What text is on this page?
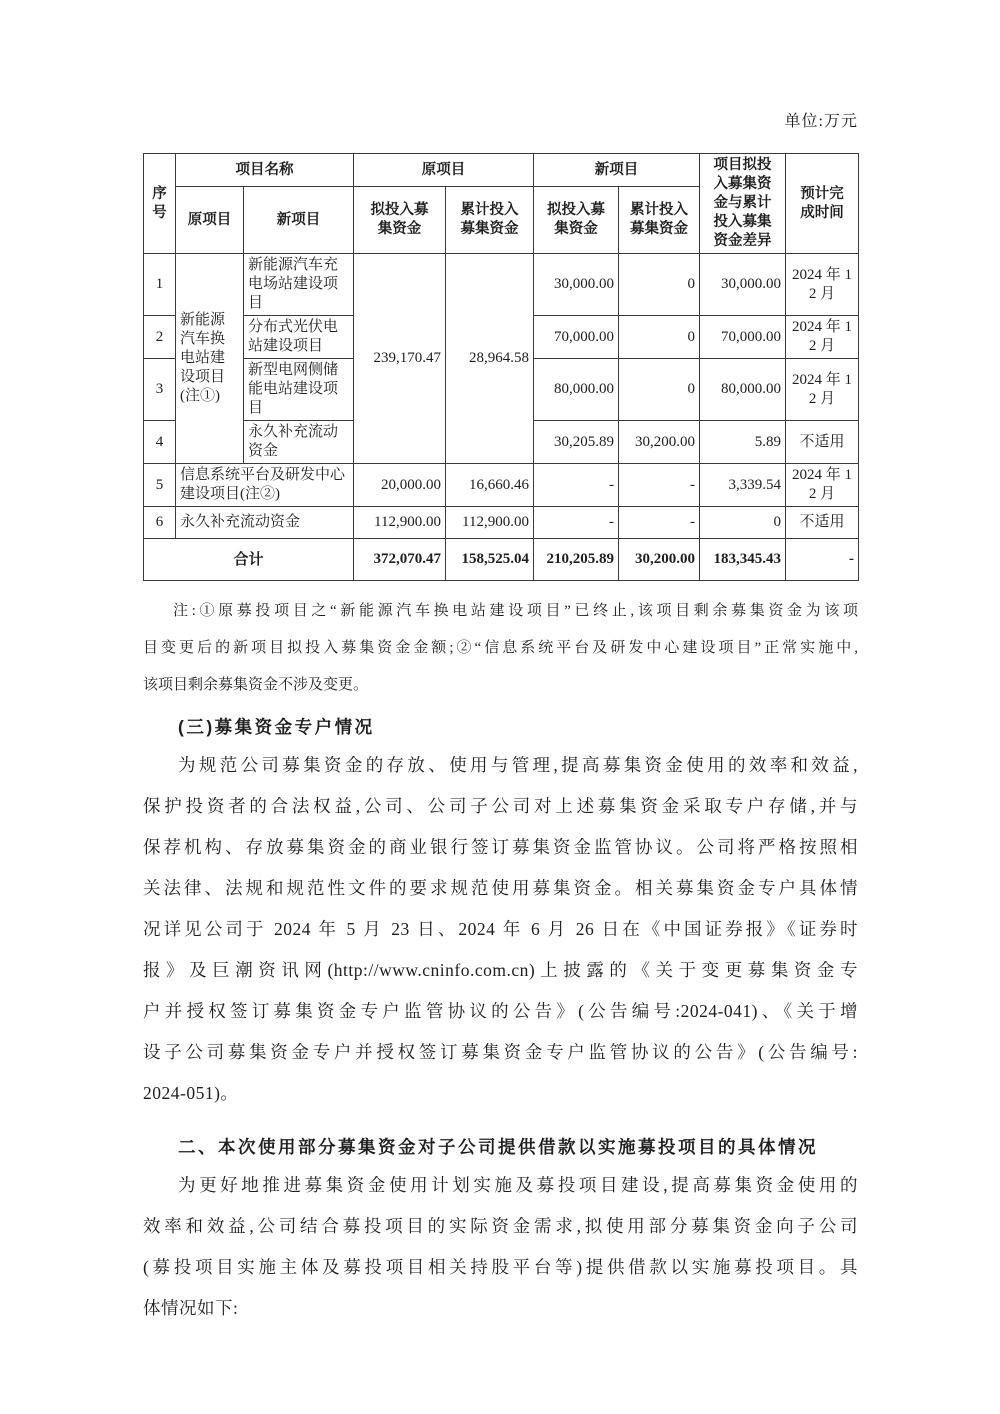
单位:万元
序号	项目名称		原项目		新项目		项目拟投入募集资金与累计投入募集资金差异	预计完成时间
	原项目	新项目	拟投入募集资金	累计投入募集资金	拟投入募集资金	累计投入募集资金		
1	新能源汽车换电站建设项目(注①)	新能源汽车充电场站建设项目	239,170.47	28,964.58	30,000.00	0	30,000.00	2024 年 12 月
2		分布式光伏电站建设项目			70,000.00	0	70,000.00	2024 年 12 月
3		新型电网侧储能电站建设项目			80,000.00	0	80,000.00	2024 年 12 月
4		永久补充流动资金			30,205.89	30,200.00	5.89	不适用
5	信息系统平台及研发中心建设项目(注②)		20,000.00	16,660.46	-	-	3,339.54	2024 年 12 月
6	永久补充流动资金		112,900.00	112,900.00	-	-	0	不适用
合计			372,070.47	158,525.04	210,205.89	30,200.00	183,345.43	-
注:①原募投项目之“新能源汽车换电站建设项目”已终止,该项目剩余募集资金为该项
目变更后的新项目拟投入募集资金金额;②“信息系统平台及研发中心建设项目”正常实施中,
该项目剩余募集资金不涉及变更。
(三)募集资金专户情况
为规范公司募集资金的存放、使用与管理,提高募集资金使用的效率和效益,
保护投资者的合法权益,公司、公司子公司对上述募集资金采取专户存储,并与
保荐机构、存放募集资金的商业银行签订募集资金监管协议。公司将严格按照相
关法律、法规和规范性文件的要求规范使用募集资金。相关募集资金专户具体情
况详见公司于 2024 年 5 月 23 日、2024 年 6 月 26 日在《中国证券报》《证券时
报》及巨潮资讯网(http://www.cninfo.com.cn)上披露的《关于变更募集资金专
户并授权签订募集资金专户监管协议的公告》(公告编号:2024-041)、《关于增
设子公司募集资金专户并授权签订募集资金专户监管协议的公告》(公告编号:
2024-051)。
二、本次使用部分募集资金对子公司提供借款以实施募投项目的具体情况
为更好地推进募集资金使用计划实施及募投项目建设,提高募集资金使用的
效率和效益,公司结合募投项目的实际资金需求,拟使用部分募集资金向子公司
(募投项目实施主体及募投项目相关持股平台等)提供借款以实施募投项目。具
体情况如下:
